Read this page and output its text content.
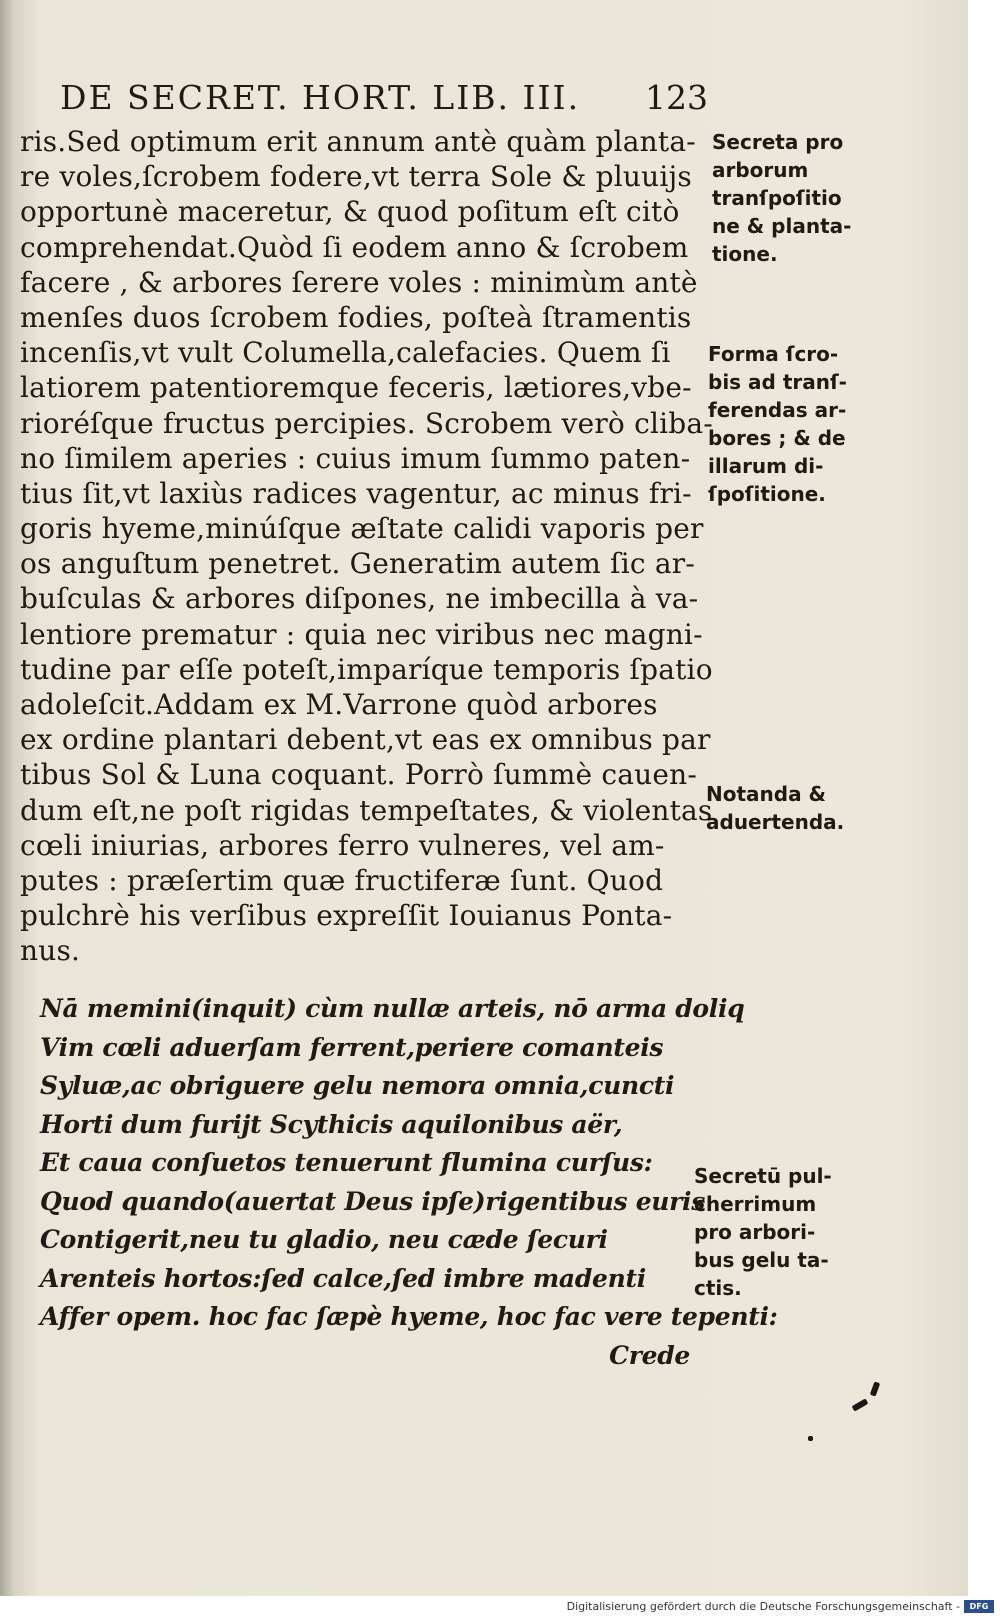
DE SECRET. HORT. LIB. III. 123
ris.Sed optimum erit annum antè quàm planta-
re voles,ſcrobem fodere,vt terra Sole & pluuijs
opportunè maceretur, & quod poſitum eſt citò
comprehendat.Quòd ſi eodem anno & ſcrobem
facere , & arbores ſerere voles : minimùm antè
menſes duos ſcrobem fodies, poſteà ſtramentis
incenſis,vt vult Columella,calefacies. Quem ſi
latiorem patentioremque feceris, lætiores,vbe-
rioréſque fructus percipies. Scrobem verò cliba-
no ſimilem aperies : cuius imum ſummo paten-
tius ſit,vt laxiùs radices vagentur, ac minus fri-
goris hyeme,minúſque æſtate calidi vaporis per
os anguſtum penetret. Generatim autem ſic ar-
buſculas & arbores diſpones, ne imbecilla à va-
lentiore prematur : quia nec viribus nec magni-
tudine par eſſe poteſt,imparíque temporis ſpatio
adoleſcit.Addam ex M.Varrone quòd arbores
ex ordine plantari debent,vt eas ex omnibus par
tibus Sol & Luna coquant. Porrò ſummè cauen-
dum eſt,ne poſt rigidas tempeſtates, & violentas
cœli iniurias, arbores ferro vulneres, vel am-
putes : præſertim quæ fructiferæ ſunt. Quod
pulchrè his verſibus expreſſit Iouianus Ponta-
nus.
Nā memini(inquit) cùm nullæ arteis, nō arma doliq
Vim cœli aduerſam ferrent,periere comanteis
Syluæ,ac obriguere gelu nemora omnia,cuncti
Horti dum furijt Scythicis aquilonibus aër,
Et caua conſuetos tenuerunt flumina curſus:
Quod quando(auertat Deus ipſe)rigentibus euris
Contigerit,neu tu gladio, neu cæde ſecuri
Arenteis hortos:ſed calce,ſed imbre madenti
Affer opem. hoc fac ſæpè hyeme, hoc fac vere tepenti:
Crede
Secreta pro
arborum
tranſpoſitio
ne & planta-
tione.
Forma ſcro-
bis ad tranſ-
ferendas ar-
bores ; & de
illarum di-
ſpoſitione.
Notanda &
aduertenda.
Secretū pul-
cherrimum
pro arbori-
bus gelu ta-
ctis.
Digitalisierung gefördert durch die Deutsche Forschungsgemeinschaft -	DFG
